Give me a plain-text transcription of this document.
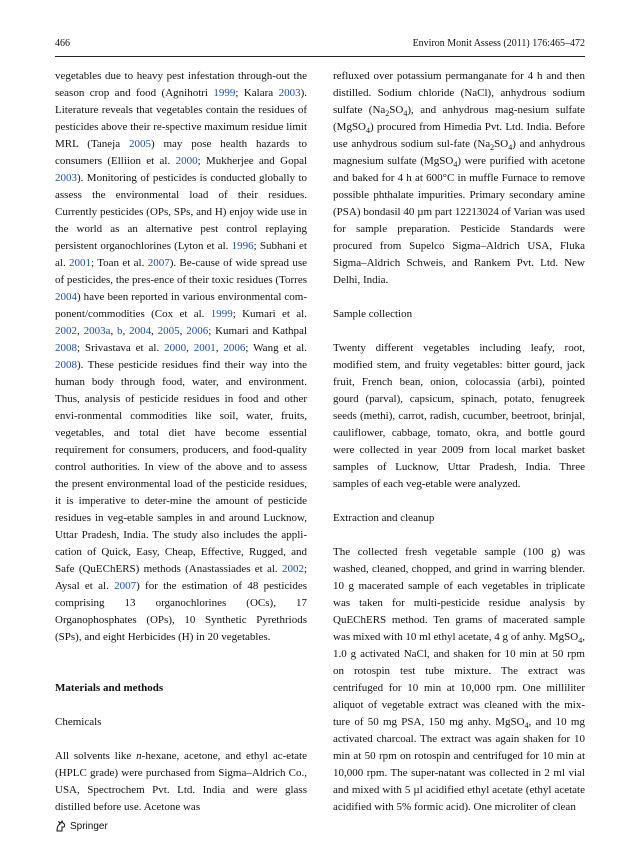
466	Environ Monit Assess (2011) 176:465–472

vegetables due to heavy pest infestation through-out the season crop and food (Agnihotri 1999; Kalara 2003). Literature reveals that vegetables contain the residues of pesticides above their re-spective maximum residue limit MRL (Taneja 2005) may pose health hazards to consumers (Elliion et al. 2000; Mukherjee and Gopal 2003). Monitoring of pesticides is conducted globally to assess the environmental load of their residues. Currently pesticides (OPs, SPs, and H) enjoy wide use in the world as an alternative pest control replaying persistent organochlorines (Lyton et al. 1996; Subhani et al. 2001; Toan et al. 2007). Be-cause of wide spread use of pesticides, the pres-ence of their toxic residues (Torres 2004) have been reported in various environmental com-ponent/commodities (Cox et al. 1999; Kumari et al. 2002, 2003a, b, 2004, 2005, 2006; Kumari and Kathpal 2008; Srivastava et al. 2000, 2001, 2006; Wang et al. 2008). These pesticide residues find their way into the human body through food, water, and environment. Thus, analysis of pesticide residues in food and other envi-ronmental commodities like soil, water, fruits, vegetables, and total diet have become essential requirement for consumers, producers, and food-quality control authorities. In view of the above and to assess the present environmental load of the pesticide residues, it is imperative to deter-mine the amount of pesticide residues in veg-etable samples in and around Lucknow, Uttar Pradesh, India. The study also includes the appli-cation of Quick, Easy, Cheap, Effective, Rugged, and Safe (QuEChERS) methods (Anastassiades et al. 2002; Aysal et al. 2007) for the estimation of 48 pesticides comprising 13 organochlorines (OCs), 17 Organophosphates (OPs), 10 Synthetic Pyrethriods (SPs), and eight Herbicides (H) in 20 vegetables.

Materials and methods

Chemicals

All solvents like n-hexane, acetone, and ethyl ac-etate (HPLC grade) were purchased from Sigma–Aldrich Co., USA, Spectrochem Pvt. Ltd. India and were glass distilled before use. Acetone was

refluxed over potassium permanganate for 4 h and then distilled. Sodium chloride (NaCl), anhydrous sodium sulfate $(Na_2SO_4)$, and anhydrous mag-nesium sulfate (MgSO$_4$) procured from Himedia Pvt. Ltd. India. Before use anhydrous sodium sul-fate $(Na_2SO_4)$ and anhydrous magnesium sulfate (MgSO$_4$) were purified with acetone and baked for 4 h at 600°C in muffle Furnace to remove possible phthalate impurities. Primary secondary amine (PSA) bondasil 40 µm part 12213024 of Varian was used for sample preparation. Pesticide Standards were procured from Supelco Sigma–Aldrich USA, Fluka Sigma–Aldrich Schweis, and Rankem Pvt. Ltd. New Delhi, India.

Sample collection

Twenty different vegetables including leafy, root, modified stem, and fruity vegetables: bitter gourd, jack fruit, French bean, onion, colocassia (arbi), pointed gourd (parval), capsicum, spinach, potato, fenugreek seeds (methi), carrot, radish, cucumber, beetroot, brinjal, cauliflower, cabbage, tomato, okra, and bottle gourd were collected in year 2009 from local market basket samples of Lucknow, Uttar Pradesh, India. Three samples of each veg-etable were analyzed.

Extraction and cleanup

The collected fresh vegetable sample (100 g) was washed, cleaned, chopped, and grind in warring blender. 10 g macerated sample of each vegetables in triplicate was taken for multi-pesticide residue analysis by QuEChERS method. Ten grams of macerated sample was mixed with 10 ml ethyl acetate, 4 g of anhy. MgSO$_4$, 1.0 g activated NaCl, and shaken for 10 min at 50 rpm on rotospin test tube mixture. The extract was centrifuged for 10 min at 10,000 rpm. One milliliter aliquot of vegetable extract was cleaned with the mix-ture of 50 mg PSA, 150 mg anhy. MgSO$_4$, and 10 mg activated charcoal. The extract was again shaken for 10 min at 50 rpm on rotospin and centrifuged for 10 min at 10,000 rpm. The super-natant was collected in 2 ml vial and mixed with 5 µl acidified ethyl acetate (ethyl acetate acidified with 5% formic acid). One microliter of clean

Springer
